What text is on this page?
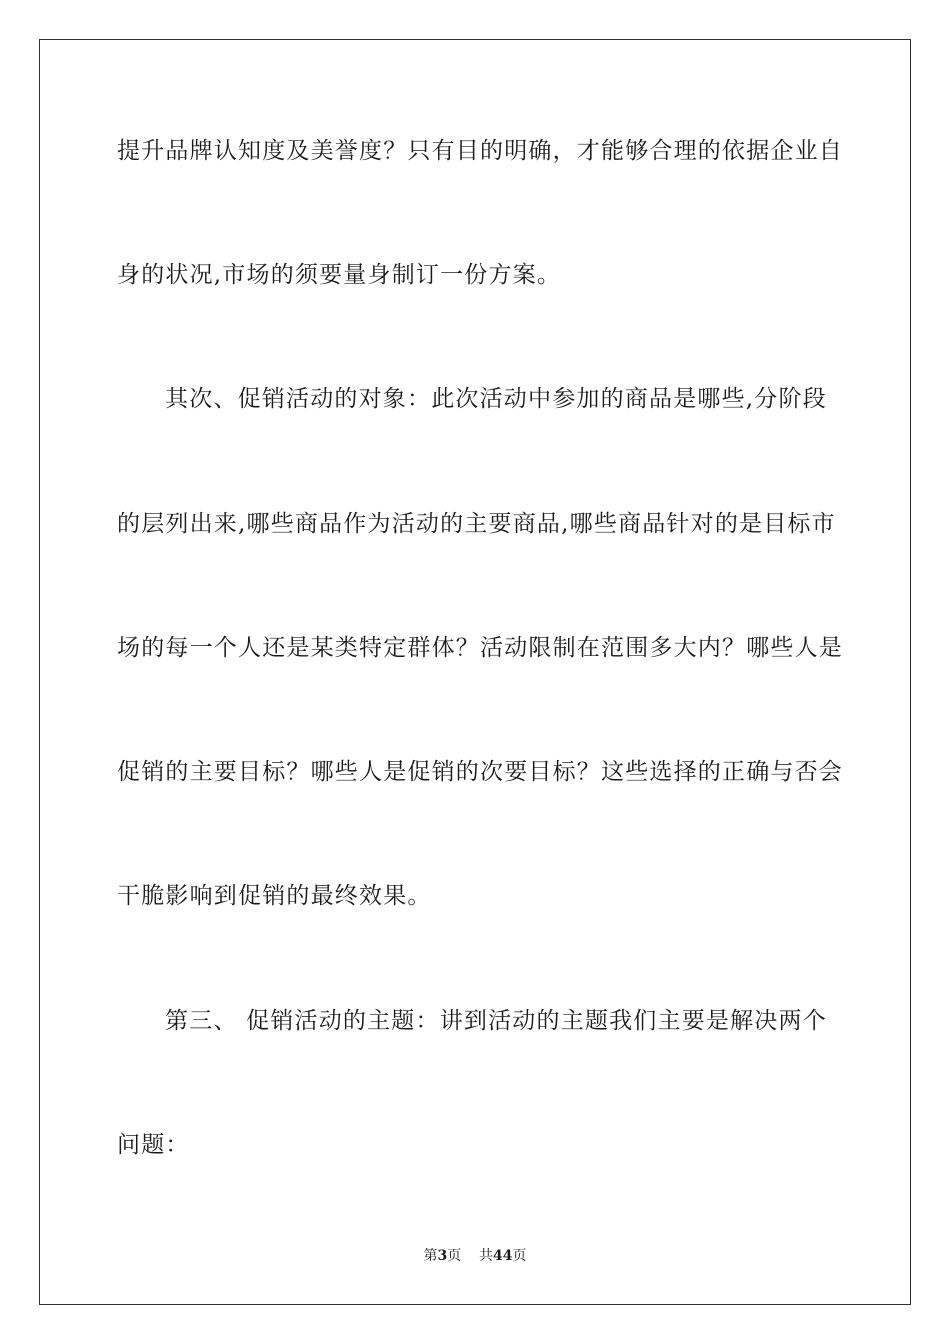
提升品牌认知度及美誉度？只有目的明确，才能够合理的依据企业自
身的状况,市场的须要量身制订一份方案。
其次、促销活动的对象：此次活动中参加的商品是哪些,分阶段
的层列出来,哪些商品作为活动的主要商品,哪些商品针对的是目标市
场的每一个人还是某类特定群体？活动限制在范围多大内？哪些人是
促销的主要目标？哪些人是促销的次要目标？这些选择的正确与否会
干脆影响到促销的最终效果。
第三、 促销活动的主题：讲到活动的主题我们主要是解决两个
问题：
第3页 共44页
